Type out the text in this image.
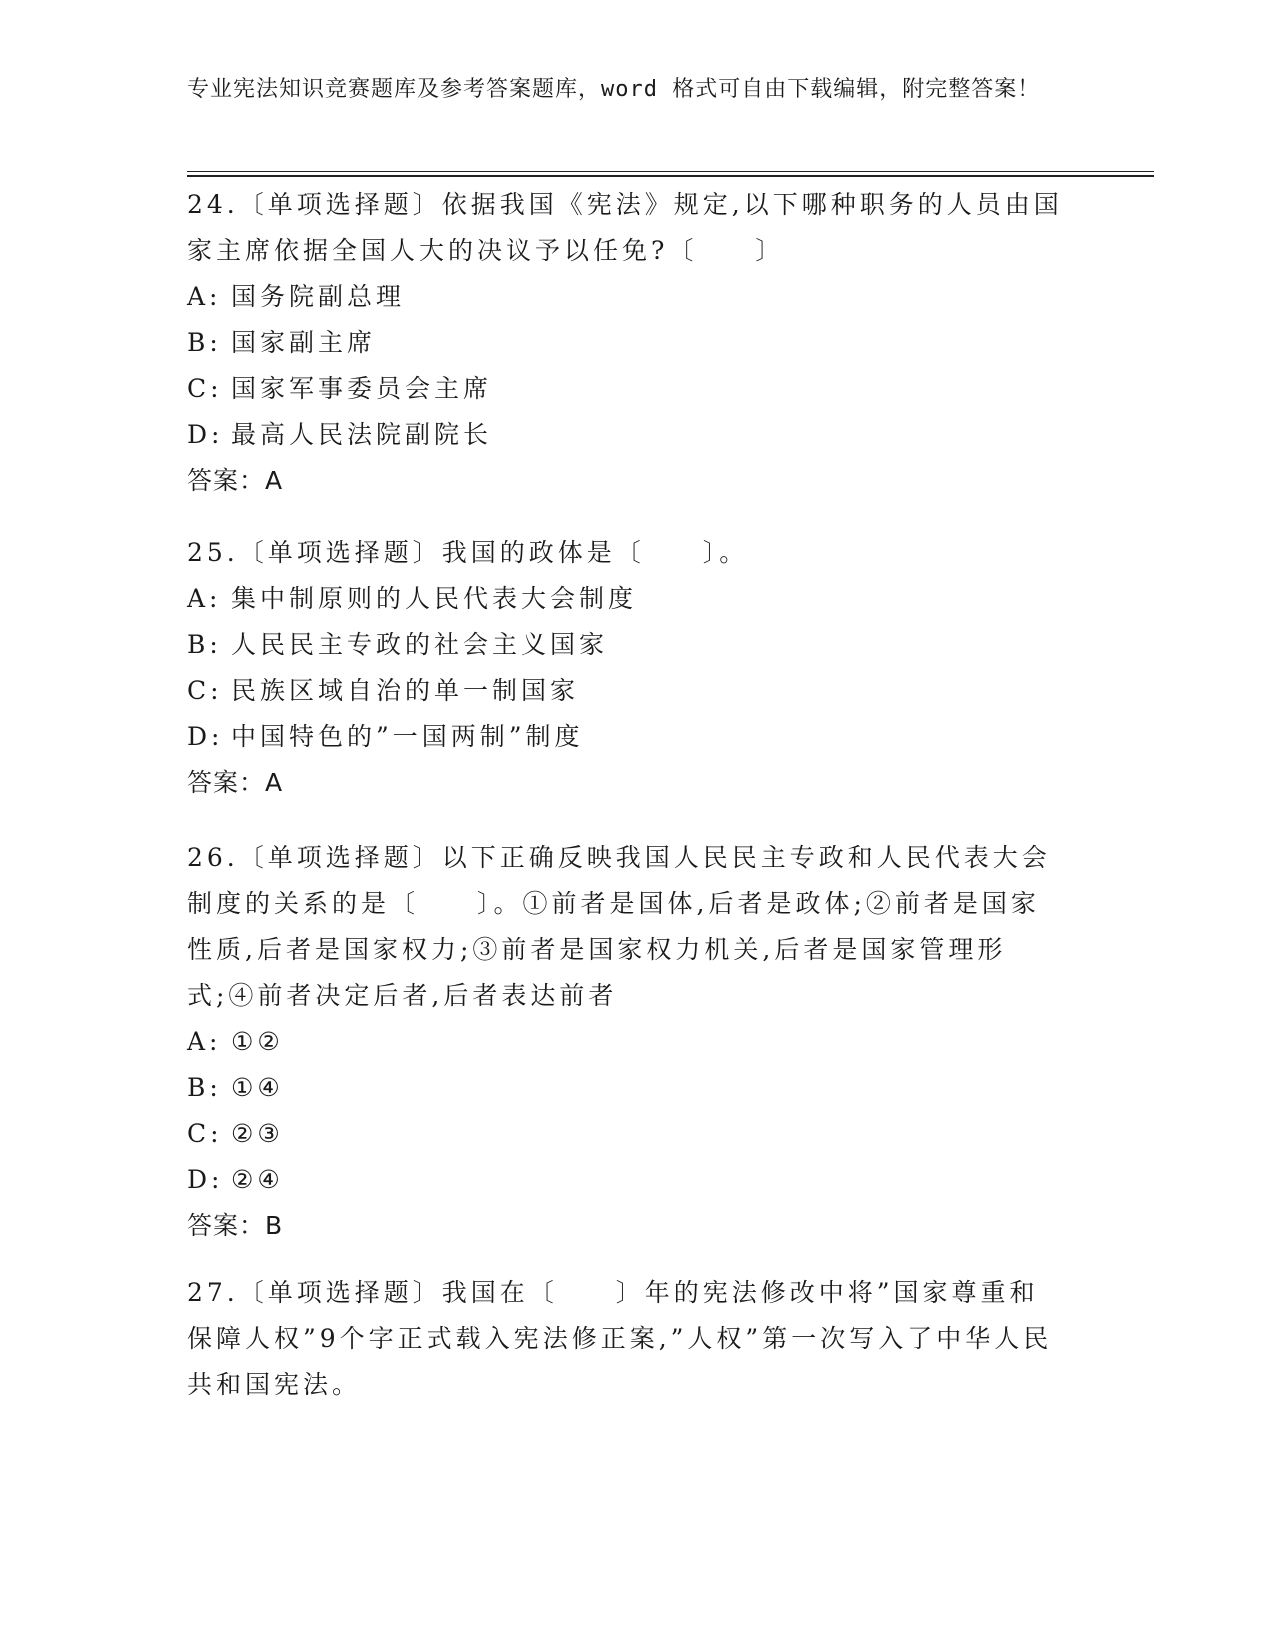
专业宪法知识竞赛题库及参考答案题库，word 格式可自由下载编辑，附完整答案！

24.〔单项选择题〕依据我国《宪法》规定,以下哪种职务的人员由国家主席依据全国人大的决议予以任免?〔　　〕

A: 国务院副总理

B: 国家副主席

C: 国家军事委员会主席

D: 最高人民法院副院长

答案：A

25.〔单项选择题〕我国的政体是〔　　〕。

A: 集中制原则的人民代表大会制度

B: 人民民主专政的社会主义国家

C: 民族区域自治的单一制国家

D: 中国特色的”一国两制”制度

答案：A

26.〔单项选择题〕以下正确反映我国人民民主专政和人民代表大会制度的关系的是〔　　〕。①前者是国体,后者是政体;②前者是国家性质,后者是国家权力;③前者是国家权力机关,后者是国家管理形式;④前者决定后者,后者表达前者

A: ①②

B: ①④

C: ②③

D: ②④

答案：B

27.〔单项选择题〕我国在〔　　〕年的宪法修改中将”国家尊重和保障人权”9个字正式载入宪法修正案,”人权”第一次写入了中华人民共和国宪法。
